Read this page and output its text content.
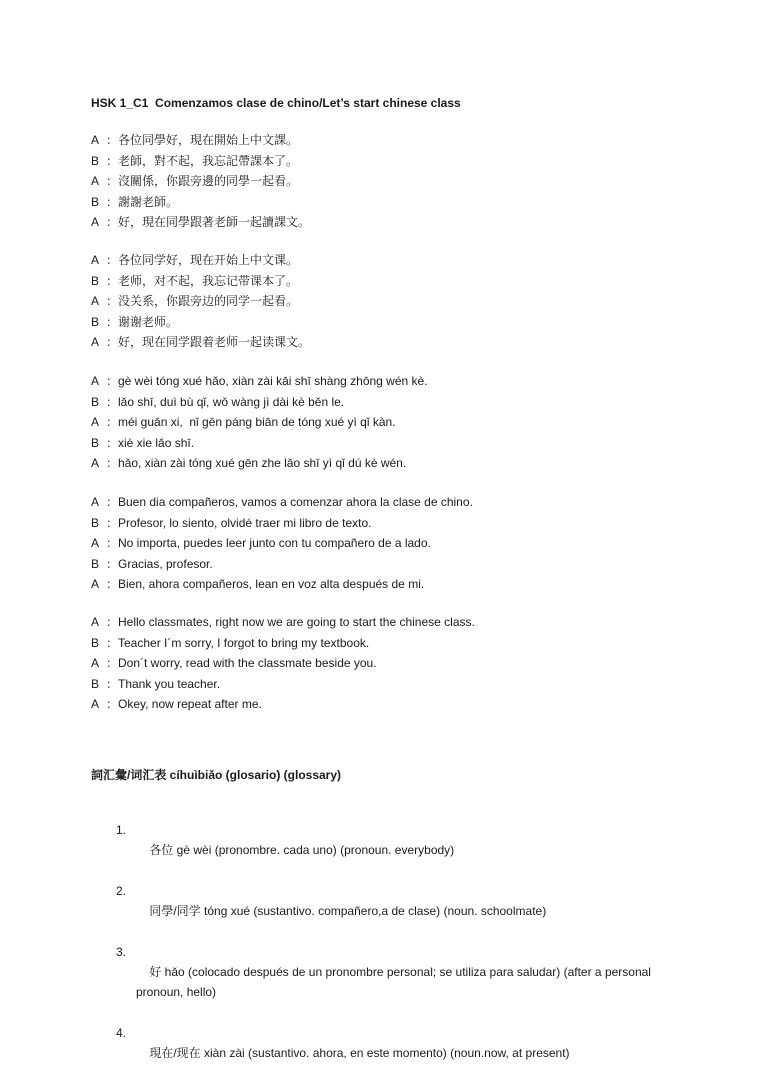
HSK 1_C1  Comenzamos clase de chino/Let’s start chinese class
A ：各位同學好，現在開始上中文課。
B ：老師，對不起，我忘記帶課本了。
A ：沒關係，你跟旁邊的同學一起看。
B ：謝謝老師。
A ：好，現在同學跟著老師一起讀課文。
A ：各位同学好，现在开始上中文课。
B ：老师，对不起，我忘记带课本了。
A ：没关系，你跟旁边的同学一起看。
B ：谢谢老师。
A ：好，现在同学跟着老师一起读课文。
A ：gè wèi tóng xué hǎo, xiàn zài kāi shī shàng zhōng wén kè.
B ：lǎo shī, duì bù qǐ, wǒ wàng jì dài kè běn le.
A ：méi guān xi,  nǐ gēn páng biān de tóng xué yì qǐ kàn.
B ：xiè xie lǎo shī.
A ：hǎo, xiàn zài tóng xué gēn zhe lǎo shī yì qǐ dú kè wén.
A ：Buen dia compañeros, vamos a comenzar ahora la clase de chino.
B ：Profesor, lo siento, olvidé traer mi libro de texto.
A ：No importa, puedes leer junto con tu compañero de a lado.
B ：Gracias, profesor.
A ：Bien, ahora compañeros, lean en voz alta después de mi.
A ：Hello classmates, right now we are going to start the chinese class.
B ：Teacher I´m sorry, I forgot to bring my textbook.
A ：Don´t worry, read with the classmate beside you.
B ：Thank you teacher.
A ：Okey, now repeat after me.
詞汇彙/词汇表 cíhuìbiǎo (glosario) (glossary)

1.
各位 gè wèi (pronombre. cada uno) (pronoun. everybody)

2.
同學/同学 tóng xué (sustantivo. compañero,a de clase) (noun. schoolmate)

3.
好 hǎo (colocado después de un pronombre personal; se utiliza para saludar) (after a personal pronoun, hello)

4.
現在/现在 xiàn zài (sustantivo. ahora, en este momento) (noun.now, at present)
